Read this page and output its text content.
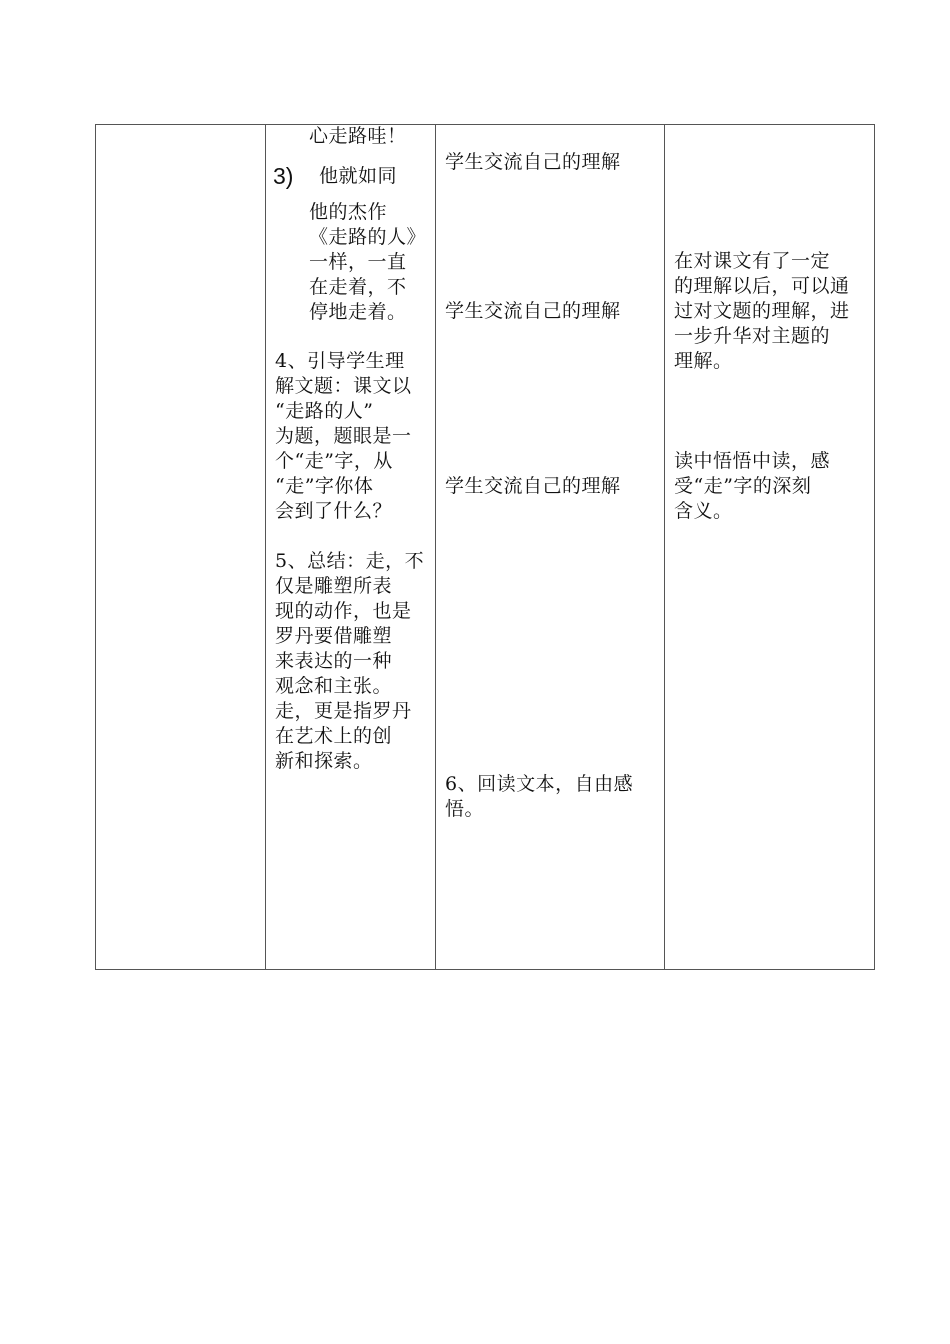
心走路哇！
3) 他就如同
他的杰作
《走路的人》
一样，一直
在走着，不
停地走着。
4、引导学生理
解文题：课文以
“走路的人”
为题，题眼是一
个“走”字，从
“走”字你体
会到了什么？
5、总结：走，不
仅是雕塑所表
现的动作，也是
罗丹要借雕塑
来表达的一种
观念和主张。
走，更是指罗丹
在艺术上的创
新和探索。
学生交流自己的理解
学生交流自己的理解
学生交流自己的理解
6、回读文本，自由感
悟。
在对课文有了一定
的理解以后，可以通
过对文题的理解，进
一步升华对主题的
理解。
读中悟悟中读，感
受“走”字的深刻
含义。
